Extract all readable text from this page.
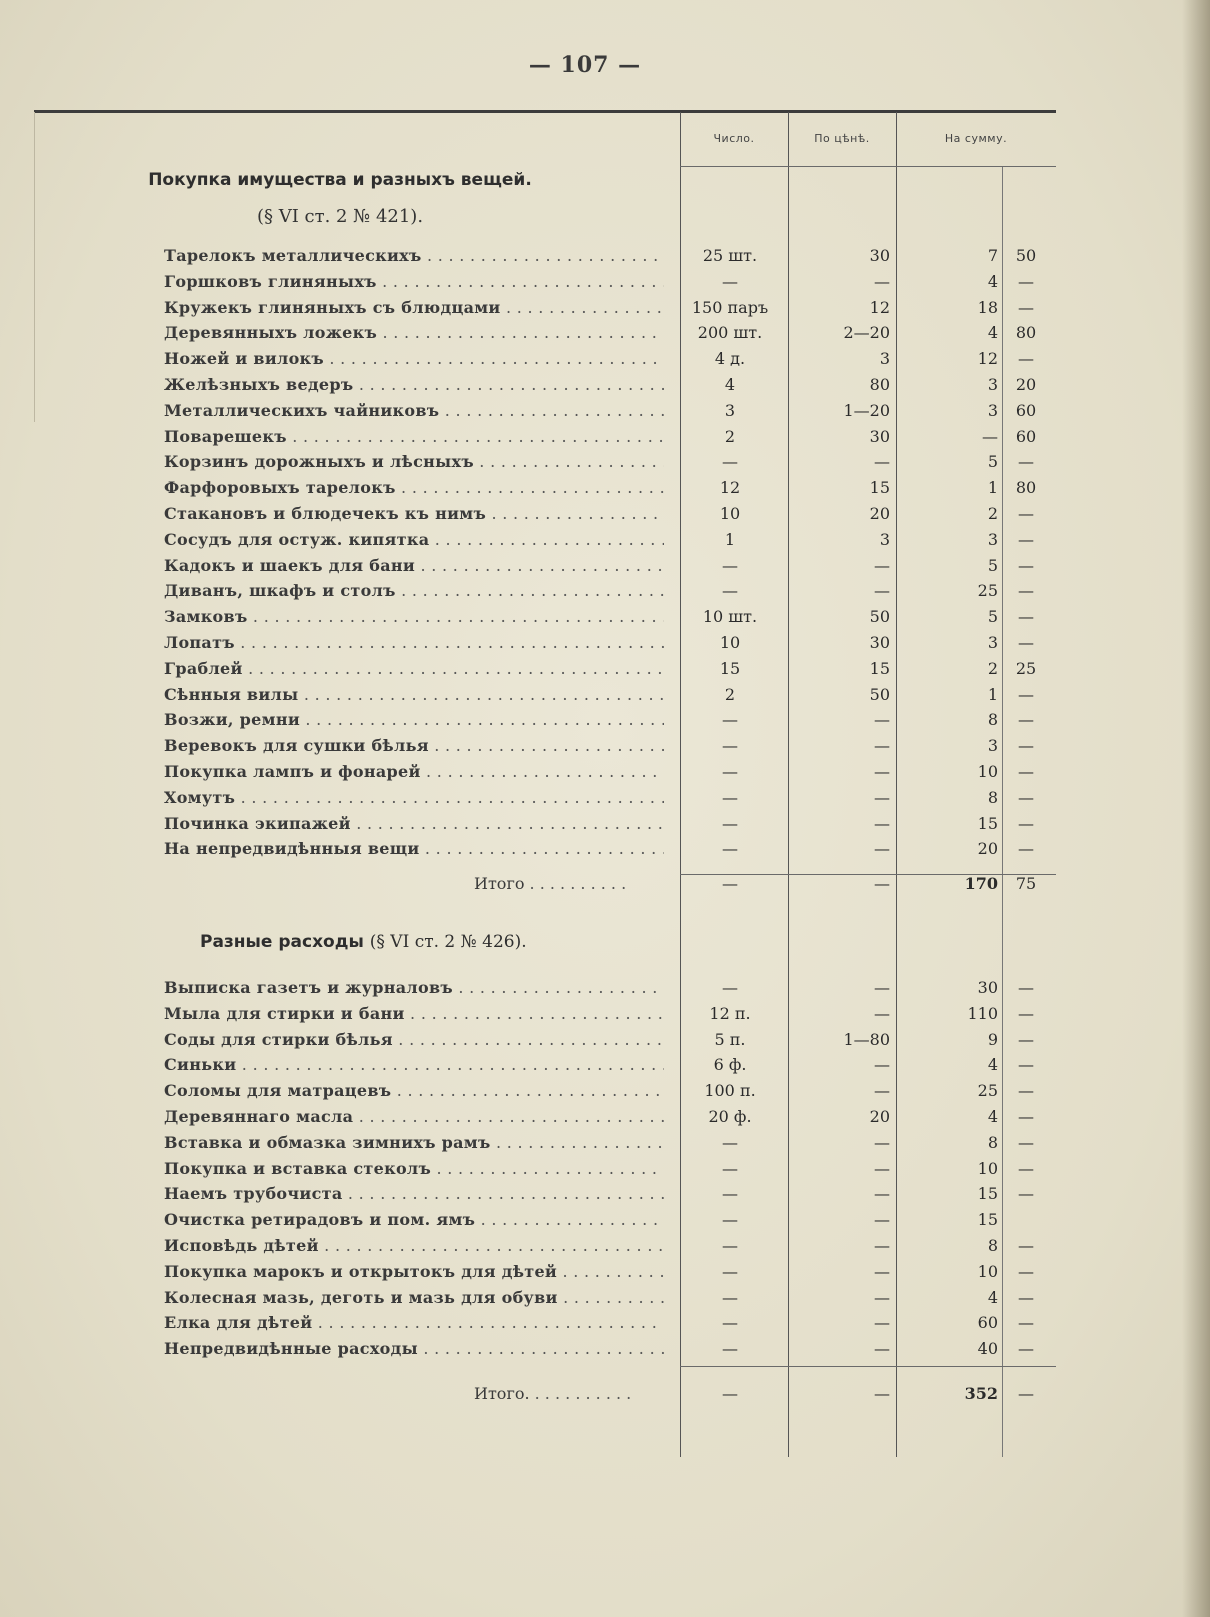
— 107 —
Число.	По цѣнѣ.	На сумму.
Покупка имущества и разныхъ вещей.
(§ VI ст. 2 № 421).
Тарелокъ металлическихъ . . .	25 шт.	30	7	50
Горшковъ глиняныхъ . . .	—	—	4	—
Кружекъ глиняныхъ съ блюдцами . . .	150 паръ	12	18	—
Деревянныхъ ложекъ . . .	200 шт.	2—20	4	80
Ножей и вилокъ . . .	4 д.	3	12	—
Желѣзныхъ ведеръ . . .	4	80	3	20
Металлическихъ чайниковъ . . .	3	1—20	3	60
Поварешекъ . . .	2	30	—	60
Корзинъ дорожныхъ и лѣсныхъ . . .	—	—	5	—
Фарфоровыхъ тарелокъ . . .	12	15	1	80
Стакановъ и блюдечекъ къ нимъ . . .	10	20	2	—
Сосудъ для остуж. кипятка . . .	1	3	3	—
Кадокъ и шаекъ для бани . . .	—	—	5	—
Диванъ, шкафъ и столъ . . .	—	—	25	—
Замковъ . . .	10 шт.	50	5	—
Лопатъ . . .	10	30	3	—
Граблей . . .	15	15	2	25
Сѣнныя вилы . . .	2	50	1	—
Возжи, ремни . . .	—	—	8	—
Веревокъ для сушки бѣлья . . .	—	—	3	—
Покупка лампъ и фонарей . . .	—	—	10	—
Хомутъ . . .	—	—	8	—
Починка экипажей . . .	—	—	15	—
На непредвидѣнныя вещи . . .	—	—	20	—
Итого . . .	—	—	170	75
Разные расходы (§ VI ст. 2 № 426).
Выписка газетъ и журналовъ . . .	—	—	30	—
Мыла для стирки и бани . . .	12 п.	—	110	—
Соды для стирки бѣлья . . .	5 п.	1—80	9	—
Синьки . . .	6 ф.	—	4	—
Соломы для матрацевъ . . .	100 п.	—	25	—
Деревяннаго масла . . .	20 ф.	20	4	—
Вставка и обмазка зимнихъ рамъ . . .	—	—	8	—
Покупка и вставка стеколъ . . .	—	—	10	—
Наемъ трубочиста . . .	—	—	15	—
Очистка ретирадовъ и пом. ямъ . . .	—	—	15
Исповѣдь дѣтей . . .	—	—	8	—
Покупка марокъ и открытокъ для дѣтей . . .	—	—	10	—
Колесная мазь, деготь и мазь для обуви . . .	—	—	4	—
Елка для дѣтей . . .	—	—	60	—
Непредвидѣнные расходы . . .	—	—	40	—
Итого. . . .	—	—	352	—
